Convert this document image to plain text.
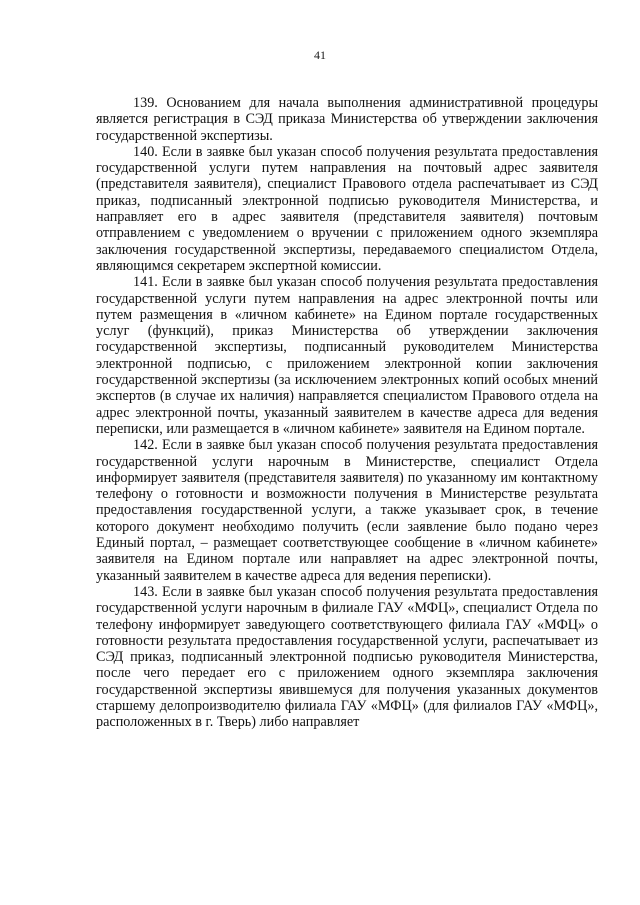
41

139. Основанием для начала выполнения административной процедуры является регистрация в СЭД приказа Министерства об утверждении заключения государственной экспертизы.

140. Если в заявке был указан способ получения результата предоставления государственной услуги путем направления на почтовый адрес заявителя (представителя заявителя), специалист Правового отдела распечатывает из СЭД приказ, подписанный электронной подписью руководителя Министерства, и направляет его в адрес заявителя (представителя заявителя) почтовым отправлением с уведомлением о вручении с приложением одного экземпляра заключения государственной экспертизы, передаваемого специалистом Отдела, являющимся секретарем экспертной комиссии.

141. Если в заявке был указан способ получения результата предоставления государственной услуги путем направления на адрес электронной почты или путем размещения в «личном кабинете» на Едином портале государственных услуг (функций), приказ Министерства об утверждении заключения государственной экспертизы, подписанный руководителем Министерства электронной подписью, с приложением электронной копии заключения государственной экспертизы (за исключением электронных копий особых мнений экспертов (в случае их наличия) направляется специалистом Правового отдела на адрес электронной почты, указанный заявителем в качестве адреса для ведения переписки, или размещается в «личном кабинете» заявителя на Едином портале.

142. Если в заявке был указан способ получения результата предоставления государственной услуги нарочным в Министерстве, специалист Отдела информирует заявителя (представителя заявителя) по указанному им контактному телефону о готовности и возможности получения в Министерстве результата предоставления государственной услуги, а также указывает срок, в течение которого документ необходимо получить (если заявление было подано через Единый портал, – размещает соответствующее сообщение в «личном кабинете» заявителя на Едином портале или направляет на адрес электронной почты, указанный заявителем в качестве адреса для ведения переписки).

143. Если в заявке был указан способ получения результата предоставления государственной услуги нарочным в филиале ГАУ «МФЦ», специалист Отдела по телефону информирует заведующего соответствующего филиала ГАУ «МФЦ» о готовности результата предоставления государственной услуги, распечатывает из СЭД приказ, подписанный электронной подписью руководителя Министерства, после чего передает его с приложением одного экземпляра заключения государственной экспертизы явившемуся для получения указанных документов старшему делопроизводителю филиала ГАУ «МФЦ» (для филиалов ГАУ «МФЦ», расположенных в г. Тверь) либо направляет
